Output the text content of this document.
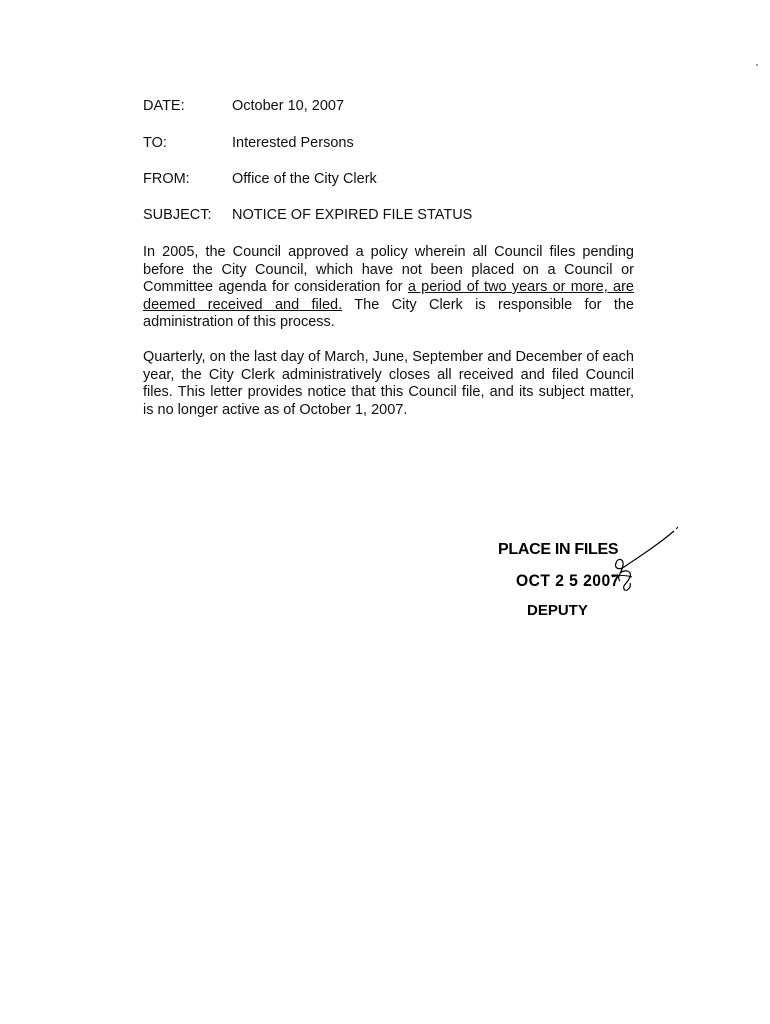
DATE:	October 10, 2007
TO:	Interested Persons
FROM:	Office of the City Clerk
SUBJECT: NOTICE OF EXPIRED FILE STATUS
In 2005, the Council approved a policy wherein all Council files pending before the City Council, which have not been placed on a Council or Committee agenda for consideration for a period of two years or more, are deemed received and filed. The City Clerk is responsible for the administration of this process.
Quarterly, on the last day of March, June, September and December of each year, the City Clerk administratively closes all received and filed Council files. This letter provides notice that this Council file, and its subject matter, is no longer active as of October 1, 2007.
PLACE IN FILES
OCT 2 5 2007
DEPUTY
